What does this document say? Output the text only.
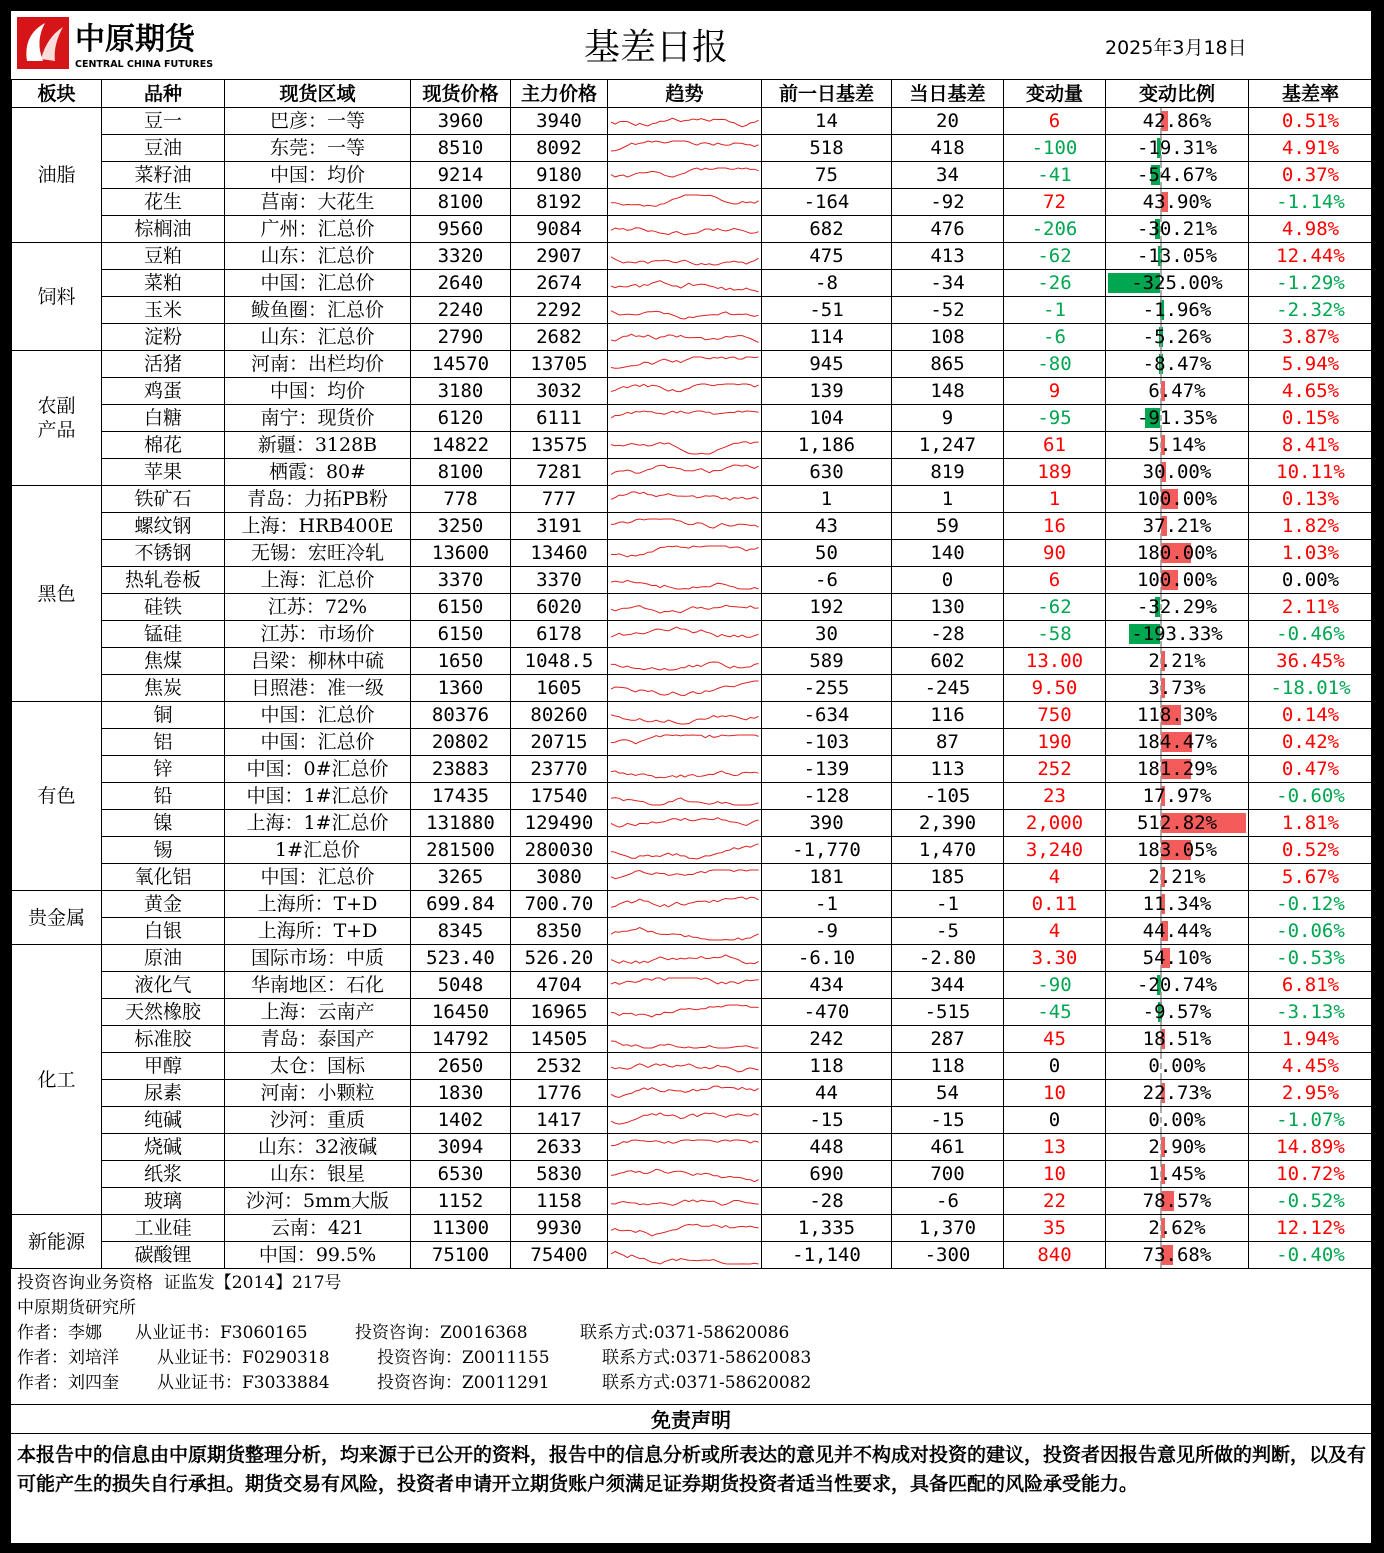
中原期货
CENTRAL CHINA FUTURES	基差日报	2025年3月18日
板块	品种	现货区域	现货价格	主力价格	趋势	前一日基差	当日基差	变动量	变动比例	基差率
油脂	豆一	巴彦：一等	3960	3940		14	20	6	42.86%	0.51%
	豆油	东莞：一等	8510	8092		518	418	-100	-19.31%	4.91%
	菜籽油	中国：均价	9214	9180		75	34	-41	-54.67%	0.37%
	花生	莒南：大花生	8100	8192		-164	-92	72	43.90%	-1.14%
	棕榈油	广州：汇总价	9560	9084		682	476	-206	-30.21%	4.98%
饲料	豆粕	山东：汇总价	3320	2907		475	413	-62	-13.05%	12.44%
	菜粕	中国：汇总价	2640	2674		-8	-34	-26	-325.00%	-1.29%
	玉米	鲅鱼圈：汇总价	2240	2292		-51	-52	-1	-1.96%	-2.32%
	淀粉	山东：汇总价	2790	2682		114	108	-6	-5.26%	3.87%
农副
产品	活猪	河南：出栏均价	14570	13705		945	865	-80	-8.47%	5.94%
	鸡蛋	中国：均价	3180	3032		139	148	9	6.47%	4.65%
	白糖	南宁：现货价	6120	6111		104	9	-95	-91.35%	0.15%
	棉花	新疆：3128B	14822	13575		1,186	1,247	61	5.14%	8.41%
	苹果	栖霞：80#	8100	7281		630	819	189	30.00%	10.11%
黑色	铁矿石	青岛：力拓PB粉	778	777		1	1	1	100.00%	0.13%
	螺纹钢	上海：HRB400E	3250	3191		43	59	16	37.21%	1.82%
	不锈钢	无锡：宏旺冷轧	13600	13460		50	140	90	180.00%	1.03%
	热轧卷板	上海：汇总价	3370	3370		-6	0	6	100.00%	0.00%
	硅铁	江苏：72%	6150	6020		192	130	-62	-32.29%	2.11%
	锰硅	江苏：市场价	6150	6178		30	-28	-58	-193.33%	-0.46%
	焦煤	吕梁：柳林中硫	1650	1048.5		589	602	13.00	2.21%	36.45%
	焦炭	日照港：准一级	1360	1605		-255	-245	9.50	3.73%	-18.01%
有色	铜	中国：汇总价	80376	80260		-634	116	750	118.30%	0.14%
	铝	中国：汇总价	20802	20715		-103	87	190	184.47%	0.42%
	锌	中国：0#汇总价	23883	23770		-139	113	252	181.29%	0.47%
	铅	中国：1#汇总价	17435	17540		-128	-105	23	17.97%	-0.60%
	镍	上海：1#汇总价	131880	129490		390	2,390	2,000	512.82%	1.81%
	锡	1#汇总价	281500	280030		-1,770	1,470	3,240	183.05%	0.52%
	氧化铝	中国：汇总价	3265	3080		181	185	4	2.21%	5.67%
贵金属	黄金	上海所：T+D	699.84	700.70		-1	-1	0.11	11.34%	-0.12%
	白银	上海所：T+D	8345	8350		-9	-5	4	44.44%	-0.06%
化工	原油	国际市场：中质	523.40	526.20		-6.10	-2.80	3.30	54.10%	-0.53%
	液化气	华南地区：石化	5048	4704		434	344	-90	-20.74%	6.81%
	天然橡胶	上海：云南产	16450	16965		-470	-515	-45	-9.57%	-3.13%
	标准胶	青岛：泰国产	14792	14505		242	287	45	18.51%	1.94%
	甲醇	太仓：国标	2650	2532		118	118	0	0.00%	4.45%
	尿素	河南：小颗粒	1830	1776		44	54	10	22.73%	2.95%
	纯碱	沙河：重质	1402	1417		-15	-15	0	0.00%	-1.07%
	烧碱	山东：32液碱	3094	2633		448	461	13	2.90%	14.89%
	纸浆	山东：银星	6530	5830		690	700	10	1.45%	10.72%
	玻璃	沙河：5mm大版	1152	1158		-28	-6	22	78.57%	-0.52%
新能源	工业硅	云南：421	11300	9930		1,335	1,370	35	2.62%	12.12%
	碳酸锂	中国：99.5%	75100	75400		-1,140	-300	840	73.68%	-0.40%
投资咨询业务资格  证监发【2014】217号
中原期货研究所
作者：李娜 从业证书：F3060165	投资咨询：Z0016368	联系方式:0371-58620086
作者：刘培洋 从业证书：F0290318	投资咨询：Z0011155	联系方式:0371-58620083
作者：刘四奎 从业证书：F3033884	投资咨询：Z0011291	联系方式:0371-58620082
免责声明
本报告中的信息由中原期货整理分析，均来源于已公开的资料，报告中的信息分析或所表达的意见并不构成对投资的建议，投资者因报告意见所做的判断，以及有可能产生的损失自行承担。期货交易有风险，投资者申请开立期货账户须满足证券期货投资者适当性要求，具备匹配的风险承受能力。
